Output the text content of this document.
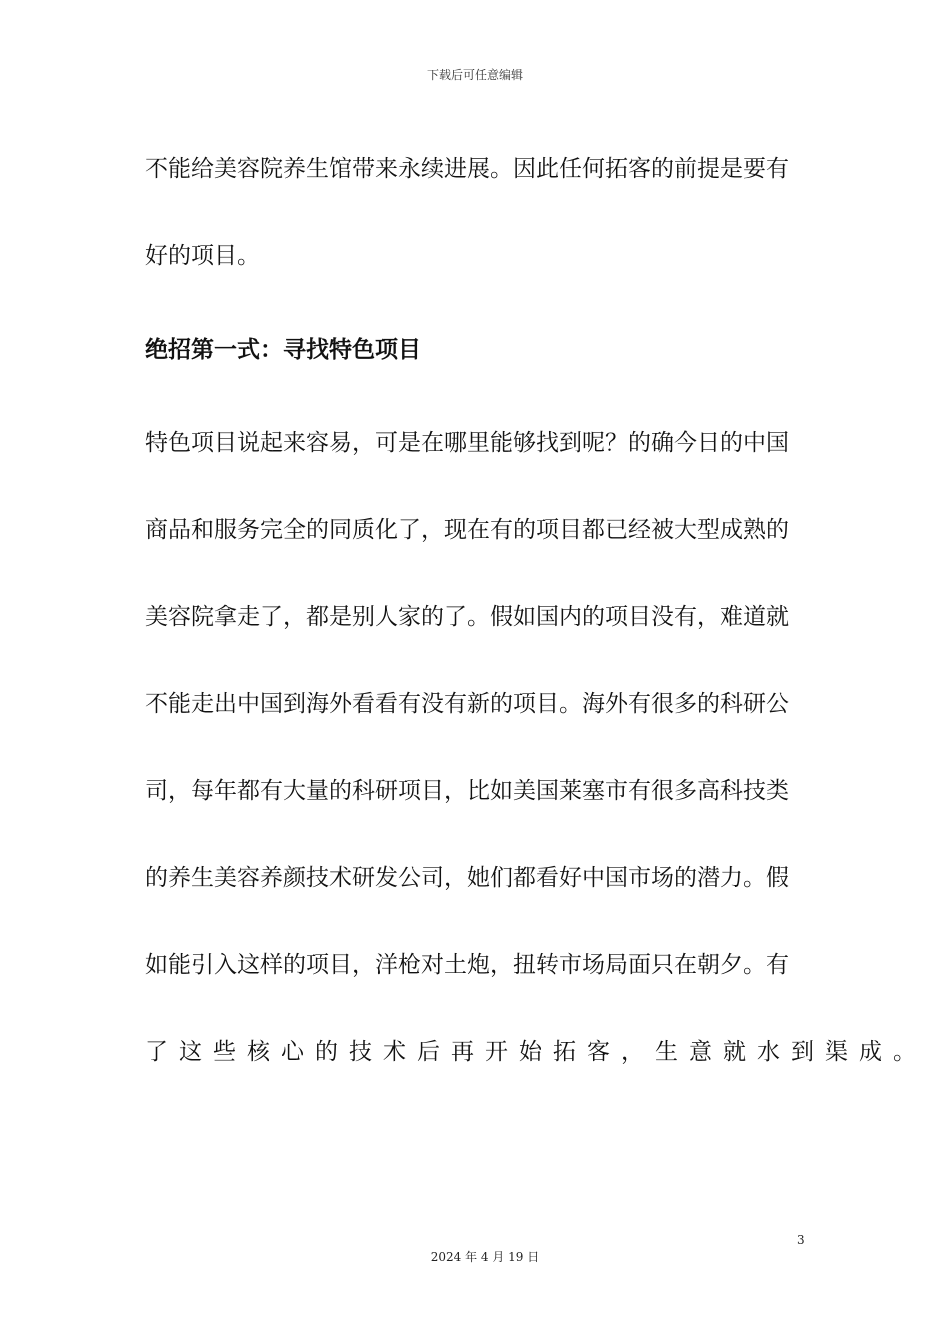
下载后可任意编辑
不能给美容院养生馆带来永续进展。因此任何拓客的前提是要有
好的项目。
绝招第一式：寻找特色项目
特色项目说起来容易，可是在哪里能够找到呢？的确今日的中国
商品和服务完全的同质化了，现在有的项目都已经被大型成熟的
美容院拿走了，都是别人家的了。假如国内的项目没有，难道就
不能走出中国到海外看看有没有新的项目。海外有很多的科研公
司，每年都有大量的科研项目，比如美国莱塞市有很多高科技类
的养生美容养颜技术研发公司，她们都看好中国市场的潜力。假
如能引入这样的项目，洋枪对土炮，扭转市场局面只在朝夕。有
了这些核心的技术后再开始拓客，生意就水到渠成。
3
2024 年 4 月 19 日
